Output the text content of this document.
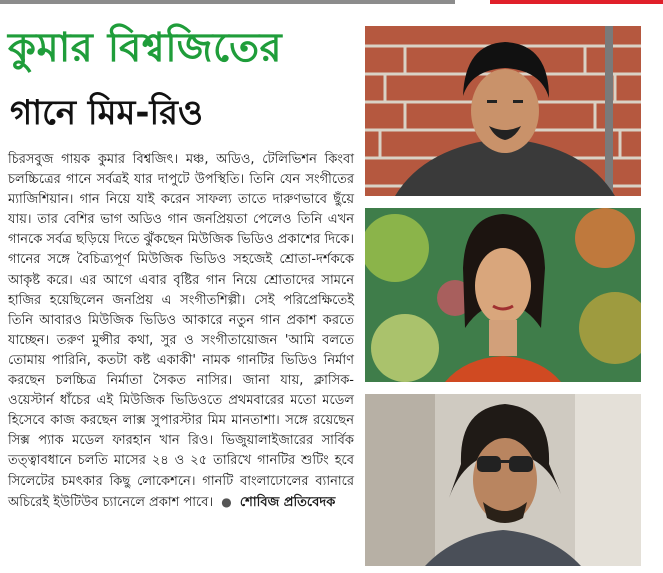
কুমার বিশ্বজিতের
গানে মিম-রিও
চিরসবুজ গায়ক কুমার বিশ্বজিৎ। মঞ্চ, অডিও, টেলিভিশন কিংবা চলচ্চিত্রের গানে সর্বত্রই যার দাপুটে উপস্থিতি। তিনি যেন সংগীতের ম্যাজিশিয়ান। গান নিয়ে যাই করেন সাফল্য তাতে দারুণভাবে ছুঁয়ে যায়। তার বেশির ভাগ অডিও গান জনপ্রিয়তা পেলেও তিনি এখন গানকে সর্বত্র ছড়িয়ে দিতে ঝুঁকছেন মিউজিক ভিডিও প্রকাশের দিকে। গানের সঙ্গে বৈচিত্র্যপূর্ণ মিউজিক ভিডিও সহজেই শ্রোতা-দর্শককে আকৃষ্ট করে। এর আগে এবার বৃষ্টির গান নিয়ে শ্রোতাদের সামনে হাজির হয়েছিলেন জনপ্রিয় এ সংগীতশিল্পী। সেই পরিপ্রেক্ষিতেই তিনি আবারও মিউজিক ভিডিও আকারে নতুন গান প্রকাশ করতে যাচ্ছেন। তরুণ মুন্সীর কথা, সুর ও সংগীতায়োজন 'আমি বলতে তোমায় পারিনি, কতটা কষ্ট একাকী' নামক গানটির ভিডিও নির্মাণ করছেন চলচ্চিত্র নির্মাতা সৈকত নাসির। জানা যায়, ক্লাসিক-ওয়েস্টার্ন ধাঁচের এই মিউজিক ভিডিওতে প্রথমবারের মতো মডেল হিসেবে কাজ করছেন লাক্স সুপারস্টার মিম মানতাশা। সঙ্গে রয়েছেন সিক্স প্যাক মডেল ফারহান খান রিও। ভিজুয়ালাইজারের সার্বিক তত্ত্বাবধানে চলতি মাসের ২৪ ও ২৫ তারিখে গানটির শুটিং হবে সিলেটের চমৎকার কিছু লোকেশনে। গানটি বাংলাঢোলের ব্যানারে অচিরেই ইউটিউব চ্যানেলে প্রকাশ পাবে। ● শোবিজ প্রতিবেদক
